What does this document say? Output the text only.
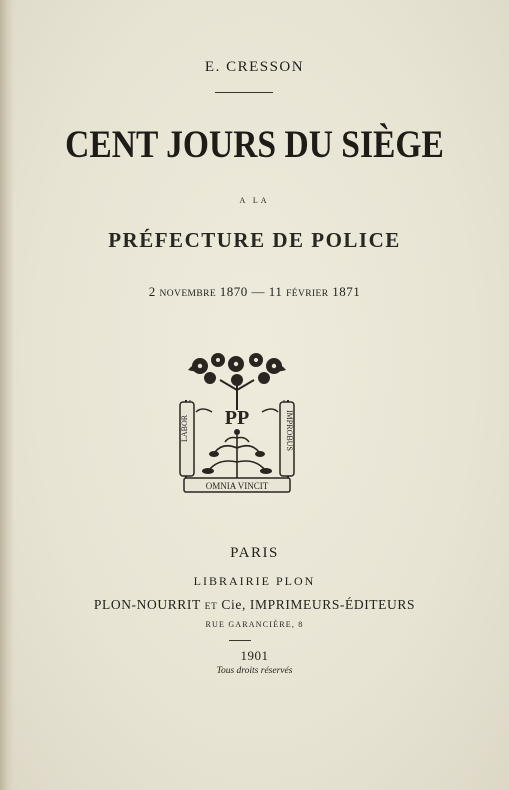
E. CRESSON
CENT JOURS DU SIÈGE
A LA
PRÉFECTURE DE POLICE
2 NOVEMBRE 1870 — 11 FÉVRIER 1871
PP
LABOR	IMPROBUS
OMNIA VINCIT
PARIS
LIBRAIRIE PLON
PLON-NOURRIT ET Cie, IMPRIMEURS-ÉDITEURS
RUE GARANCIÈRE, 8
1901
Tous droits réservés
